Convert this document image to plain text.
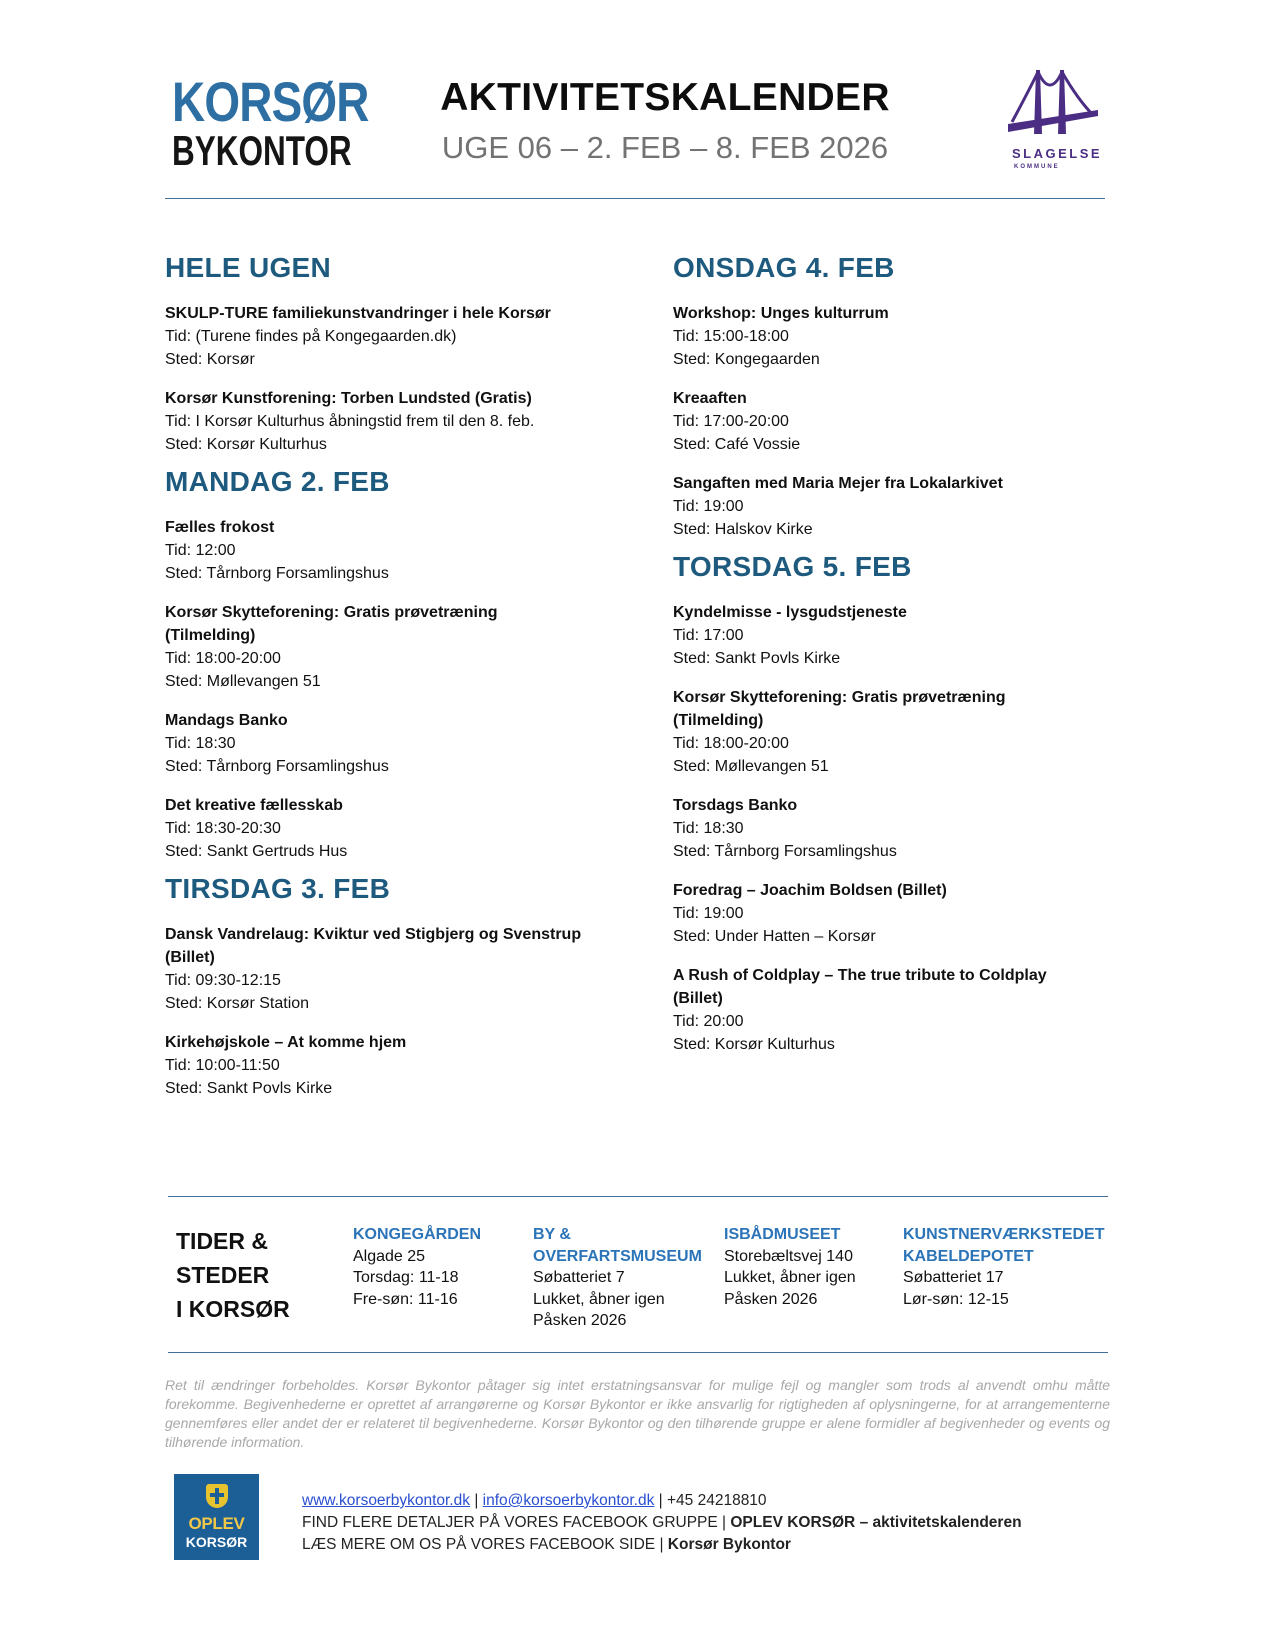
KORSØR
BYKONTOR
AKTIVITETSKALENDER
UGE 06 – 2. FEB – 8. FEB 2026	SLAGELSE
KOMMUNE
HELE UGEN
SKULP-TURE familiekunstvandringer i hele Korsør
Tid: (Turene findes på Kongegaarden.dk)
Sted: Korsør
Korsør Kunstforening: Torben Lundsted (Gratis)
Tid: I Korsør Kulturhus åbningstid frem til den 8. feb.
Sted: Korsør Kulturhus
MANDAG 2. FEB
Fælles frokost
Tid: 12:00
Sted: Tårnborg Forsamlingshus
Korsør Skytteforening: Gratis prøvetræning (Tilmelding)
Tid: 18:00-20:00
Sted: Møllevangen 51
Mandags Banko
Tid: 18:30
Sted: Tårnborg Forsamlingshus
Det kreative fællesskab
Tid: 18:30-20:30
Sted: Sankt Gertruds Hus
TIRSDAG 3. FEB
Dansk Vandrelaug: Kviktur ved Stigbjerg og Svenstrup (Billet)
Tid: 09:30-12:15
Sted: Korsør Station
Kirkehøjskole – At komme hjem
Tid: 10:00-11:50
Sted: Sankt Povls Kirke
ONSDAG 4. FEB
Workshop: Unges kulturrum
Tid: 15:00-18:00
Sted: Kongegaarden
Kreaaften
Tid: 17:00-20:00
Sted: Café Vossie
Sangaften med Maria Mejer fra Lokalarkivet
Tid: 19:00
Sted: Halskov Kirke
TORSDAG 5. FEB
Kyndelmisse - lysgudstjeneste
Tid: 17:00
Sted: Sankt Povls Kirke
Korsør Skytteforening: Gratis prøvetræning (Tilmelding)
Tid: 18:00-20:00
Sted: Møllevangen 51
Torsdags Banko
Tid: 18:30
Sted: Tårnborg Forsamlingshus
Foredrag – Joachim Boldsen (Billet)
Tid: 19:00
Sted: Under Hatten – Korsør
A Rush of Coldplay – The true tribute to Coldplay (Billet)
Tid: 20:00
Sted: Korsør Kulturhus
TIDER &
STEDER
I KORSØR
KONGEGÅRDEN
Algade 25
Torsdag: 11-18
Fre-søn: 11-16
BY & OVERFARTSMUSEUM
Søbatteriet 7
Lukket, åbner igen
Påsken 2026
ISBÅDMUSEET
Storebæltsvej 140
Lukket, åbner igen
Påsken 2026
KUNSTNERVÆRKSTEDET KABELDEPOTET
Søbatteriet 17
Lør-søn: 12-15
Ret til ændringer forbeholdes. Korsør Bykontor påtager sig intet erstatningsansvar for mulige fejl og mangler som trods al anvendt omhu måtte forekomme. Begivenhederne er oprettet af arrangørerne og Korsør Bykontor er ikke ansvarlig for rigtigheden af oplysningerne, for at arrangementerne gennemføres eller andet der er relateret til begivenhederne. Korsør Bykontor og den tilhørende gruppe er alene formidler af begivenheder og events og tilhørende information.
OPLEV
KORSØR
www.korsoerbykontor.dk | info@korsoerbykontor.dk | +45 24218810
FIND FLERE DETALJER PÅ VORES FACEBOOK GRUPPE | OPLEV KORSØR – aktivitetskalenderen
LÆS MERE OM OS PÅ VORES FACEBOOK SIDE | Korsør Bykontor
